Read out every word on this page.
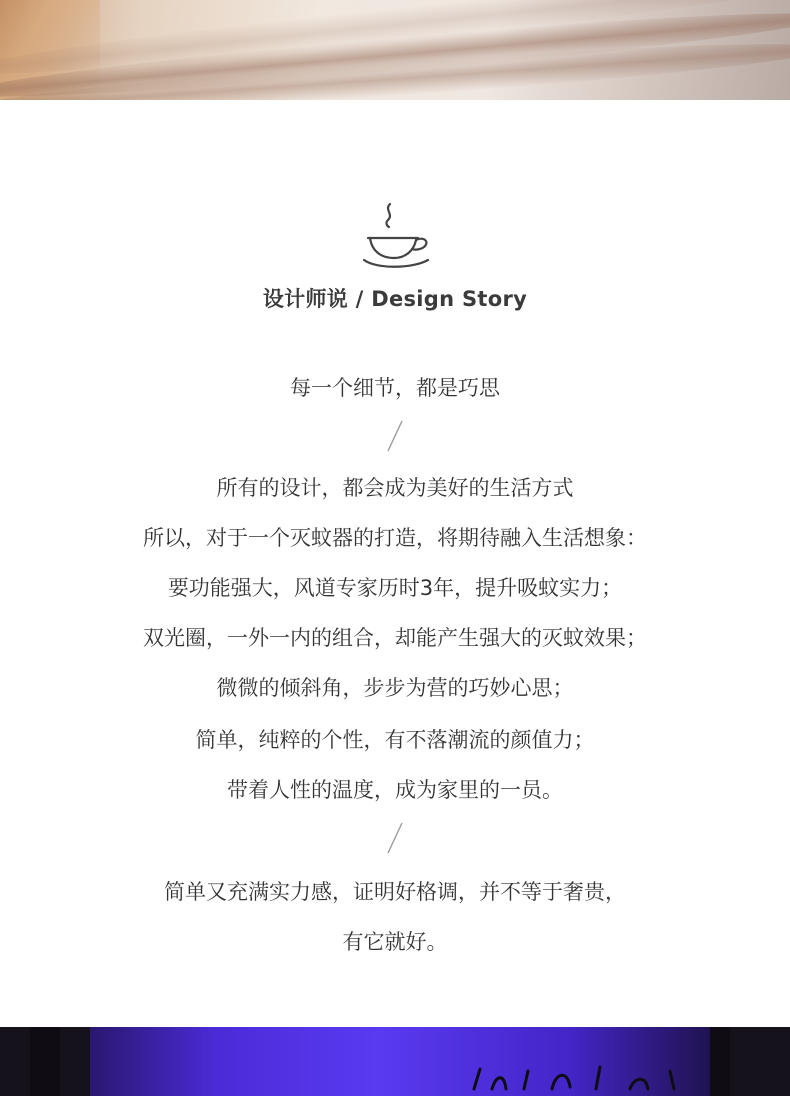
设计师说 / Design Story
每一个细节，都是巧思
所有的设计，都会成为美好的生活方式
所以，对于一个灭蚊器的打造，将期待融入生活想象：
要功能强大，风道专家历时3年，提升吸蚊实力；
双光圈，一外一内的组合，却能产生强大的灭蚊效果；
微微的倾斜角，步步为营的巧妙心思；
简单，纯粹的个性，有不落潮流的颜值力；
带着人性的温度，成为家里的一员。
简单又充满实力感，证明好格调，并不等于奢贵，
有它就好。
